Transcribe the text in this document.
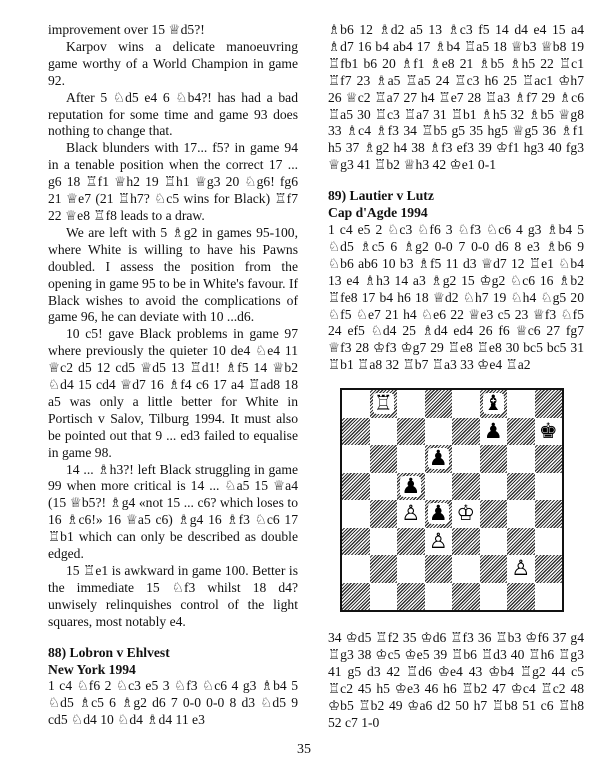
improvement over 15 ♕d5?!

Karpov wins a delicate manoeuvring game worthy of a World Champion in game 92.

After 5 ♘d5 e4 6 ♘b4?! has had a bad reputation for some time and game 93 does nothing to change that.

Black blunders with 17... f5? in game 94 in a tenable position when the correct 17 ... g6 18 ♖f1 ♕h2 19 ♖h1 ♕g3 20 ♘g6! fg6 21 ♕e7 (21 ♖h7? ♘c5 wins for Black) ♖f7 22 ♕e8 ♖f8 leads to a draw.

We are left with 5 ♗g2 in games 95-100, where White is willing to have his Pawns doubled. I assess the position from the opening in game 95 to be in White's favour. If Black wishes to avoid the complications of game 96, he can deviate with 10 ...d6.

10 c5! gave Black problems in game 97 where previously the quieter 10 de4 ♘e4 11 ♕c2 d5 12 cd5 ♕d5 13 ♖d1! ♗f5 14 ♕b2 ♘d4 15 cd4 ♕d7 16 ♗f4 c6 17 a4 ♖ad8 18 a5 was only a little better for White in Portisch v Salov, Tilburg 1994. It must also be pointed out that 9 ... ed3 failed to equalise in game 98.

14 ... ♗h3?! left Black struggling in game 99 when more critical is 14 ... ♘a5 15 ♕a4 (15 ♕b5?! ♗g4 «not 15 ... c6? which loses to 16 ♗c6!» 16 ♕a5 c6) ♗g4 16 ♗f3 ♘c6 17 ♖b1 which can only be described as double edged.

15 ♖e1 is awkward in game 100. Better is the immediate 15 ♘f3 whilst 18 d4? unwisely relinquishes control of the light squares, most notably e4.

88) Lobron v Ehlvest

New York 1994

1 c4 ♘f6 2 ♘c3 e5 3 ♘f3 ♘c6 4 g3 ♗b4 5 ♘d5 ♗c5 6 ♗g2 d6 7 0-0 0-0 8 d3 ♘d5 9 cd5 ♘d4 10 ♘d4 ♗d4 11 e3

♗b6 12 ♗d2 a5 13 ♗c3 f5 14 d4 e4 15 a4 ♗d7 16 b4 ab4 17 ♗b4 ♖a5 18 ♕b3 ♕b8 19 ♖fb1 b6 20 ♗f1 ♗e8 21 ♗b5 ♗h5 22 ♖c1 ♖f7 23 ♗a5 ♖a5 24 ♖c3 h6 25 ♖ac1 ♔h7 26 ♕c2 ♖a7 27 h4 ♖e7 28 ♖a3 ♗f7 29 ♗c6 ♖a5 30 ♖c3 ♖a7 31 ♖b1 ♗h5 32 ♗b5 ♕g8 33 ♗c4 ♗f3 34 ♖b5 g5 35 hg5 ♕g5 36 ♗f1 h5 37 ♗g2 h4 38 ♗f3 ef3 39 ♔f1 hg3 40 fg3 ♕g3 41 ♖b2 ♕h3 42 ♔e1 0-1

89) Lautier v Lutz

Cap d'Agde 1994

1 c4 e5 2 ♘c3 ♘f6 3 ♘f3 ♘c6 4 g3 ♗b4 5 ♘d5 ♗c5 6 ♗g2 0-0 7 0-0 d6 8 e3 ♗b6 9 ♘b6 ab6 10 b3 ♗f5 11 d3 ♕d7 12 ♖e1 ♘b4 13 e4 ♗h3 14 a3 ♗g2 15 ♔g2 ♘c6 16 ♗b2 ♖fe8 17 b4 h6 18 ♕d2 ♘h7 19 ♘h4 ♘g5 20 ♘f5 ♘e7 21 h4 ♘e6 22 ♕e3 c5 23 ♕f3 ♘f5 24 ef5 ♘d4 25 ♗d4 ed4 26 f6 ♕c6 27 fg7 ♕f3 28 ♔f3 ♔g7 29 ♖e8 ♖e8 30 bc5 bc5 31 ♖b1 ♖a8 32 ♖b7 ♖a3 33 ♔e4 ♖a2

♖	♝
♟ ♚
♟
♟
♙ ♟ ♔
♙
♙

34 ♔d5 ♖f2 35 ♔d6 ♖f3 36 ♖b3 ♔f6 37 g4 ♖g3 38 ♔c5 ♔e5 39 ♖b6 ♖d3 40 ♖h6 ♖g3 41 g5 d3 42 ♖d6 ♔e4 43 ♔b4 ♖g2 44 c5 ♖c2 45 h5 ♔e3 46 h6 ♖b2 47 ♔c4 ♖c2 48 ♔b5 ♖b2 49 ♔a6 d2 50 h7 ♖b8 51 c6 ♖h8 52 c7 1-0

35
